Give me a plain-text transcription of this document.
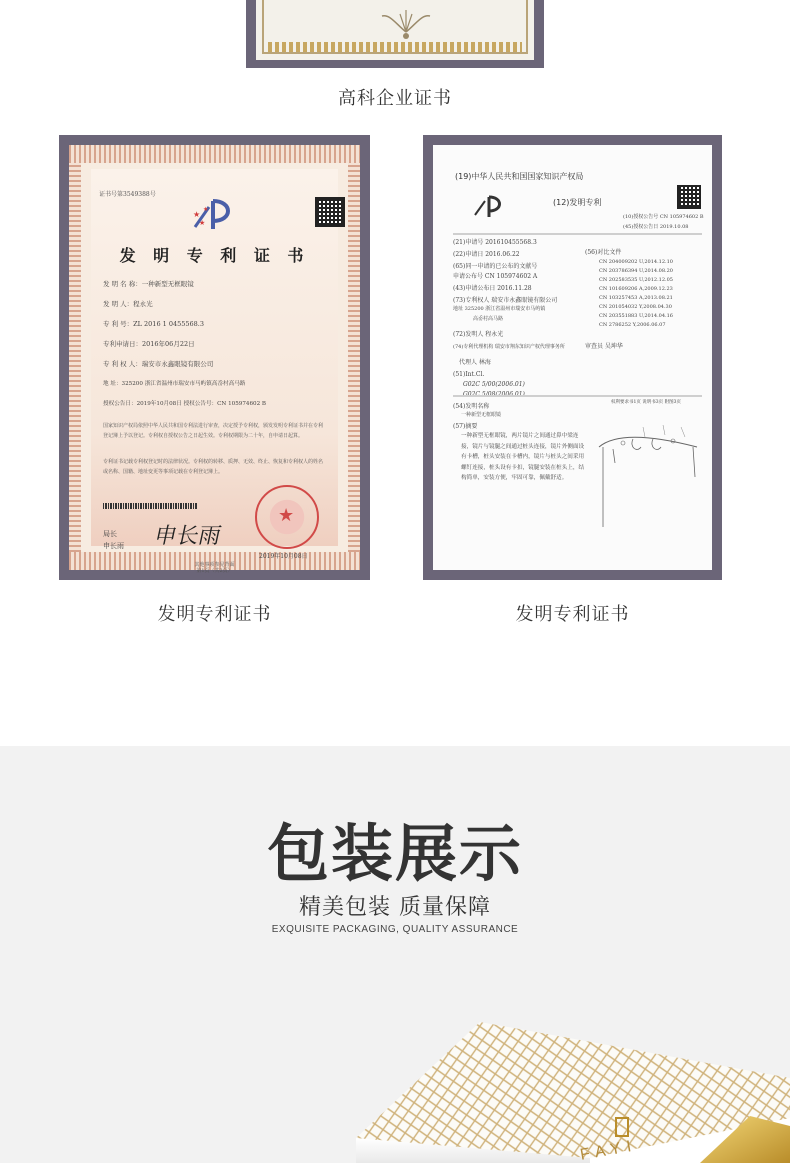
高科企业证书
证书号第3549388号
★
★
★
发 明 专 利 证 书
发 明 名 称：一种新型无框眼镜
发 明 人：程永光
专 利 号：ZL 2016 1 0455568.3
专利申请日：2016年06月22日
专 利 权 人：瑞安市永鑫眼镜有限公司
地 址：325200 浙江省温州市瑞安市马屿镇高岙村高马路
授权公告日：2019年10月08日 授权公告号：CN 105974602 B
国家知识产权局依照中华人民共和国专利法进行审查，决定授予专利权，颁发发明专利证书并在专利登记簿上予以登记。专利权自授权公告之日起生效。专利权期限为二十年，自申请日起算。
专利证书记载专利权登记时的法律状况。专利权的转移、质押、无效、终止、恢复和专利权人的姓名或名称、国籍、地址变更等事项记载在专利登记簿上。
局长
申长雨 申长雨
★
2019年10月08日
第1页（共2页）
其他事项参见背面
发明专利证书
(19)中华人民共和国国家知识产权局
(12)发明专利
(10)授权公告号 CN 105974602 B
(45)授权公告日 2019.10.08
(21)申请号 201610455568.3
(22)申请日 2016.06.22
(65)同一申请的已公布的文献号
申请公布号 CN 105974602 A
(43)申请公布日 2016.11.28
(73)专利权人 瑞安市永鑫眼镜有限公司
地址 325200 浙江省温州市瑞安市马屿镇
高岙村高马路
(72)发明人 程永光
(74)专利代理机构 瑞安市翔东知识产权代理事务所
代理人 林海
(51)Int.Cl.
G02C 5/00(2006.01)
(56)对比文件
CN 204009202 U,2014.12.10
CN 203786394 U,2014.08.20
CN 202583535 U,2012.12.05
CN 101609206 A,2009.12.23
CN 103257453 A,2013.08.21
CN 201054032 Y,2008.04.30
CN 203551883 U,2014.04.16
CN 2786252 Y,2006.06.07
审查员 吴坤华
权利要求书1页 说明书3页 附图3页
(54)发明名称
一种新型无框眼镜
(57)摘要
一种新型无框眼镜，两片镜片之间通过鼻中梁连接，镜片与镜腿之间通过桩头连接，镜片外侧面设有卡槽，桩头安装在卡槽内，镜片与桩头之间采用螺钉连接，桩头设有卡扣，镜腿安装在桩头上，结构简单，安装方便，牢固可靠，佩戴舒适。
发明专利证书
包装展示
精美包装 质量保障
EXQUISITE PACKAGING, QUALITY ASSURANCE
FAYI
